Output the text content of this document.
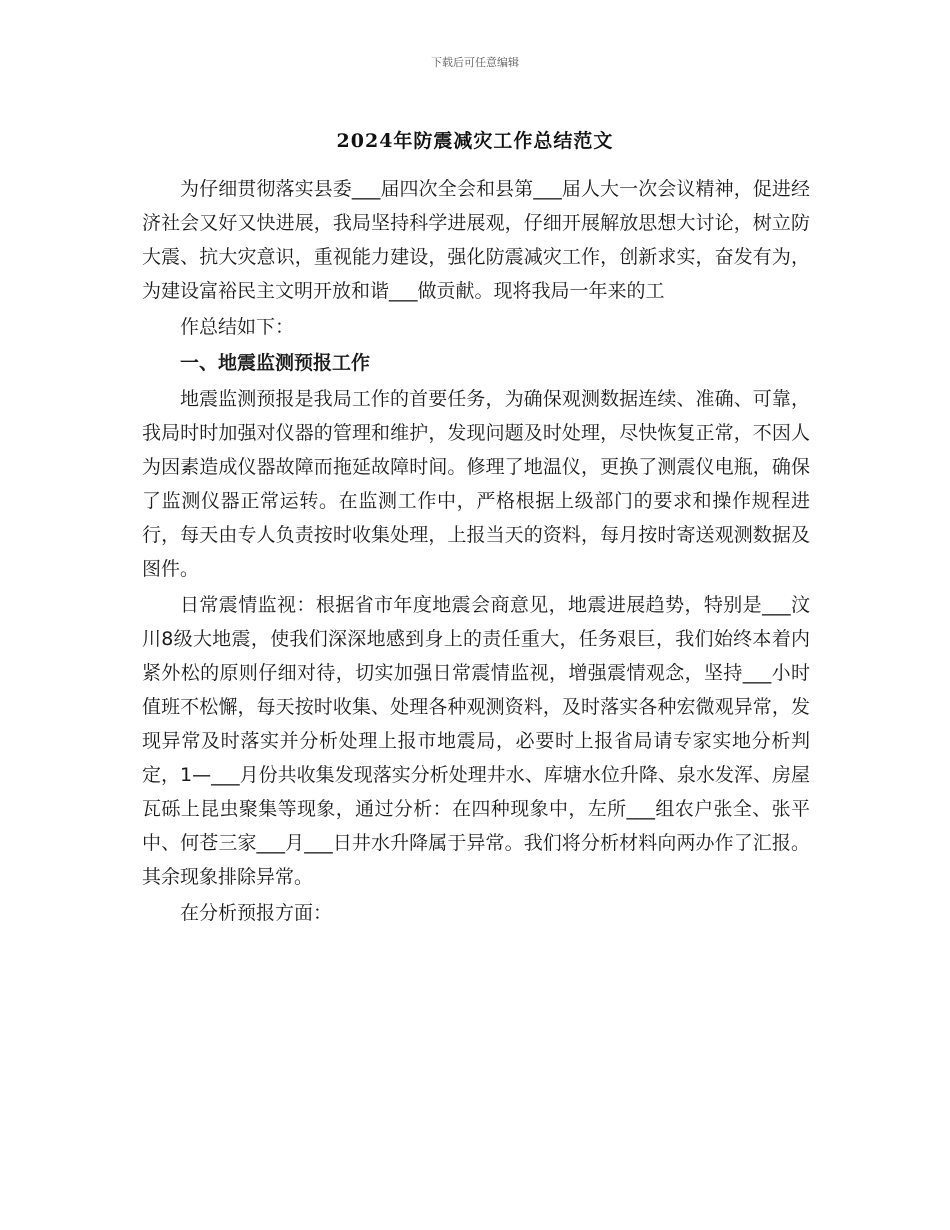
下载后可任意编辑
2024年防震减灾工作总结范文

为仔细贯彻落实县委___届四次全会和县第___届人大一次会议精神，促进经济社会又好又快进展，我局坚持科学进展观，仔细开展解放思想大讨论，树立防大震、抗大灾意识，重视能力建设，强化防震减灾工作，创新求实，奋发有为，为建设富裕民主文明开放和谐___做贡献。现将我局一年来的工

作总结如下：

一、地震监测预报工作

地震监测预报是我局工作的首要任务，为确保观测数据连续、准确、可靠，我局时时加强对仪器的管理和维护，发现问题及时处理，尽快恢复正常，不因人为因素造成仪器故障而拖延故障时间。修理了地温仪，更换了测震仪电瓶，确保了监测仪器正常运转。在监测工作中，严格根据上级部门的要求和操作规程进行，每天由专人负责按时收集处理，上报当天的资料，每月按时寄送观测数据及图件。

日常震情监视：根据省市年度地震会商意见，地震进展趋势，特别是___汶川8级大地震，使我们深深地感到身上的责任重大，任务艰巨，我们始终本着内紧外松的原则仔细对待，切实加强日常震情监视，增强震情观念，坚持___小时值班不松懈，每天按时收集、处理各种观测资料，及时落实各种宏微观异常，发现异常及时落实并分析处理上报市地震局，必要时上报省局请专家实地分析判定，1—___月份共收集发现落实分析处理井水、库塘水位升降、泉水发浑、房屋瓦砾上昆虫聚集等现象，通过分析：在四种现象中，左所___组农户张全、张平中、何苍三家___月___日井水升降属于异常。我们将分析材料向两办作了汇报。其余现象排除异常。

在分析预报方面：
